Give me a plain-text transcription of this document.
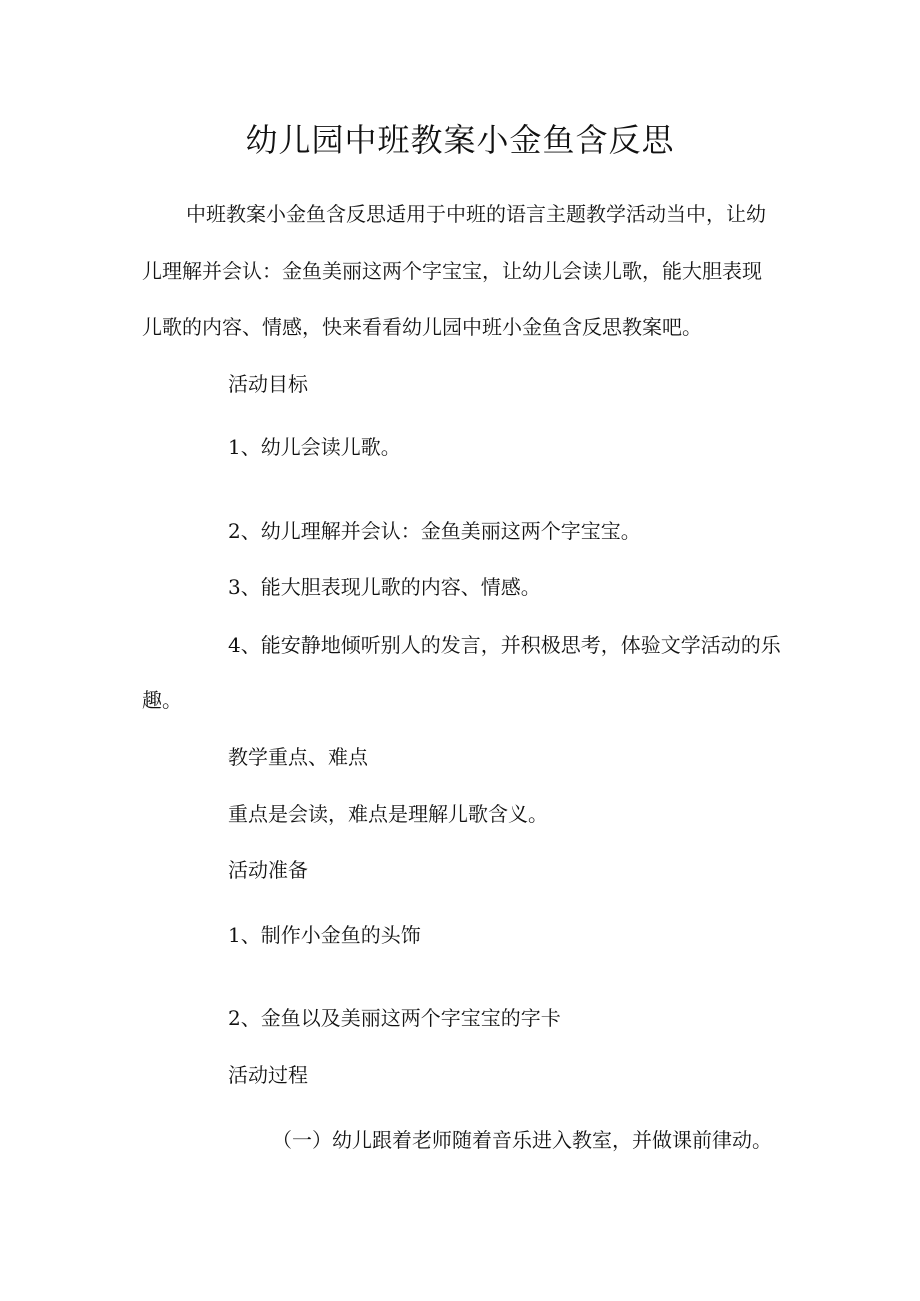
幼儿园中班教案小金鱼含反思
中班教案小金鱼含反思适用于中班的语言主题教学活动当中，让幼
儿理解并会认：金鱼美丽这两个字宝宝，让幼儿会读儿歌，能大胆表现
儿歌的内容、情感，快来看看幼儿园中班小金鱼含反思教案吧。
活动目标
1、幼儿会读儿歌。
2、幼儿理解并会认：金鱼美丽这两个字宝宝。
3、能大胆表现儿歌的内容、情感。
4、能安静地倾听别人的发言，并积极思考，体验文学活动的乐
趣。
教学重点、难点
重点是会读，难点是理解儿歌含义。
活动准备
1、制作小金鱼的头饰
2、金鱼以及美丽这两个字宝宝的字卡
活动过程
（一）幼儿跟着老师随着音乐进入教室，并做课前律动。
